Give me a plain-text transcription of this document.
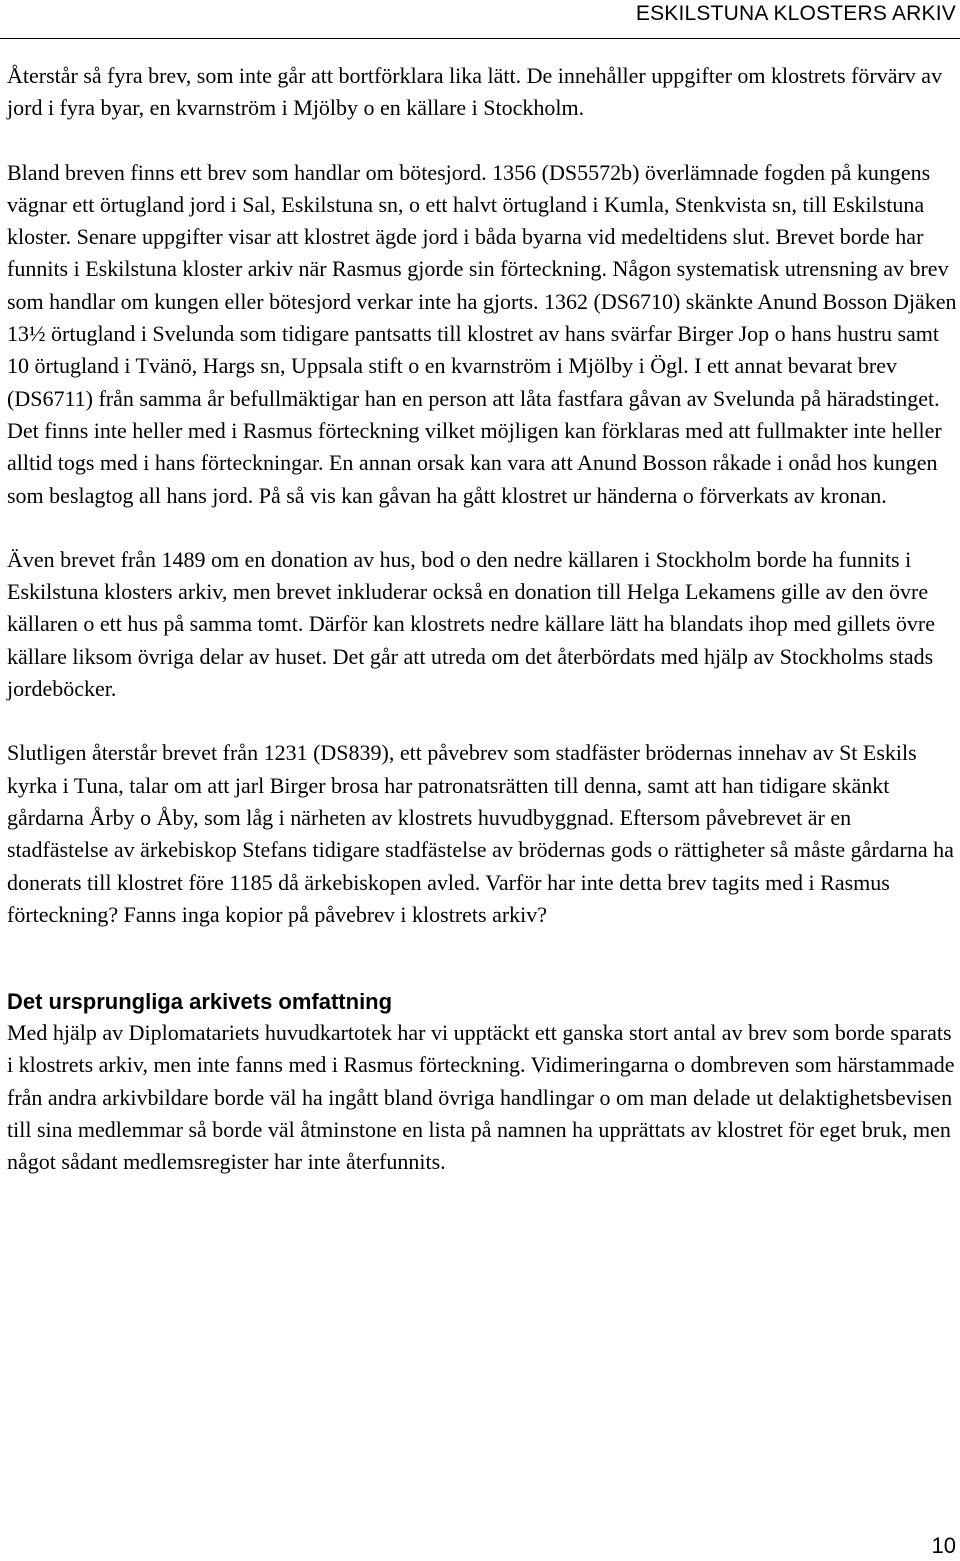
ESKILSTUNA KLOSTERS ARKIV

Återstår så fyra brev, som inte går att bortförklara lika lätt. De innehåller uppgifter om klostrets förvärv av jord i fyra byar, en kvarnström i Mjölby o en källare i Stockholm.

Bland breven finns ett brev som handlar om bötesjord. 1356 (DS5572b) överlämnade fogden på kungens vägnar ett örtugland jord i Sal, Eskilstuna sn, o ett halvt örtugland i Kumla, Stenkvista sn, till Eskilstuna kloster. Senare uppgifter visar att klostret ägde jord i båda byarna vid medeltidens slut. Brevet borde har funnits i Eskilstuna kloster arkiv när Rasmus gjorde sin förteckning. Någon systematisk utrensning av brev som handlar om kungen eller bötesjord verkar inte ha gjorts. 1362 (DS6710) skänkte Anund Bosson Djäken 13½ örtugland i Svelunda som tidigare pantsatts till klostret av hans svärfar Birger Jop o hans hustru samt 10 örtugland i Tvänö, Hargs sn, Uppsala stift o en kvarnström i Mjölby i Ögl. I ett annat bevarat brev (DS6711) från samma år befullmäktigar han en person att låta fastfara gåvan av Svelunda på häradstinget. Det finns inte heller med i Rasmus förteckning vilket möjligen kan förklaras med att fullmakter inte heller alltid togs med i hans förteckningar. En annan orsak kan vara att Anund Bosson råkade i onåd hos kungen som beslagtog all hans jord. På så vis kan gåvan ha gått klostret ur händerna o förverkats av kronan.

Även brevet från 1489 om en donation av hus, bod o den nedre källaren i Stockholm borde ha funnits i Eskilstuna klosters arkiv, men brevet inkluderar också en donation till Helga Lekamens gille av den övre källaren o ett hus på samma tomt. Därför kan klostrets nedre källare lätt ha blandats ihop med gillets övre källare liksom övriga delar av huset. Det går att utreda om det återbördats med hjälp av Stockholms stads jordeböcker.

Slutligen återstår brevet från 1231 (DS839), ett påvebrev som stadfäster brödernas innehav av St Eskils kyrka i Tuna, talar om att jarl Birger brosa har patronatsrätten till denna, samt att han tidigare skänkt gårdarna Årby o Åby, som låg i närheten av klostrets huvudbyggnad. Eftersom påvebrevet är en stadfästelse av ärkebiskop Stefans tidigare stadfästelse av brödernas gods o rättigheter så måste gårdarna ha donerats till klostret före 1185 då ärkebiskopen avled. Varför har inte detta brev tagits med i Rasmus förteckning? Fanns inga kopior på påvebrev i klostrets arkiv?

Det ursprungliga arkivets omfattning

Med hjälp av Diplomatariets huvudkartotek har vi upptäckt ett ganska stort antal av brev som borde sparats i klostrets arkiv, men inte fanns med i Rasmus förteckning. Vidimeringarna o dombreven som härstammade från andra arkivbildare borde väl ha ingått bland övriga handlingar o om man delade ut delaktighetsbevisen till sina medlemmar så borde väl åtminstone en lista på namnen ha upprättats av klostret för eget bruk, men något sådant medlemsregister har inte återfunnits.

10
